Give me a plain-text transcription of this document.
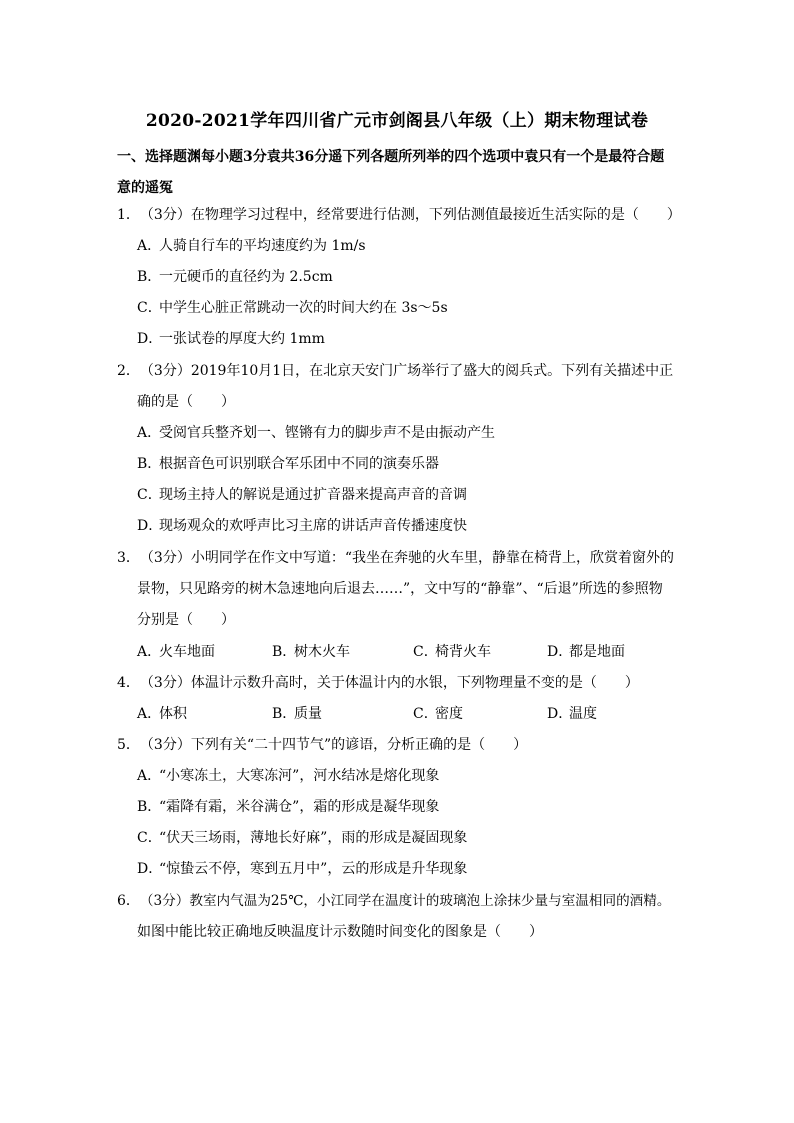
2020-2021学年四川省广元市剑阁县八年级（上）期末物理试卷
一、选择题渊每小题3分袁共36分遥下列各题所列举的四个选项中袁只有一个是最符合题
意的遥冤
1．（3分）在物理学习过程中，经常要进行估测，下列估测值最接近生活实际的是（　　）
A．人骑自行车的平均速度约为 1m/s
B．一元硬币的直径约为 2.5cm
C．中学生心脏正常跳动一次的时间大约在 3s～5s
D．一张试卷的厚度大约 1mm
2．（3分）2019年10月1日，在北京天安门广场举行了盛大的阅兵式。下列有关描述中正
确的是（　　）
A．受阅官兵整齐划一、铿锵有力的脚步声不是由振动产生
B．根据音色可识别联合军乐团中不同的演奏乐器
C．现场主持人的解说是通过扩音器来提高声音的音调
D．现场观众的欢呼声比习主席的讲话声音传播速度快
3．（3分）小明同学在作文中写道：“我坐在奔驰的火车里，静靠在椅背上，欣赏着窗外的
景物，只见路旁的树木急速地向后退去……”，文中写的“静靠”、“后退”所选的参照物
分别是（　　）
A．火车地面	B．树木火车	C．椅背火车	D．都是地面
4．（3分）体温计示数升高时，关于体温计内的水银，下列物理量不变的是（　　）
A．体积	B．质量	C．密度	D．温度
5．（3分）下列有关“二十四节气”的谚语，分析正确的是（　　）
A．“小寒冻土，大寒冻河”，河水结冰是熔化现象
B．“霜降有霜，米谷满仓”，霜的形成是凝华现象
C．“伏天三场雨，薄地长好麻”，雨的形成是凝固现象
D．“惊蛰云不停，寒到五月中”，云的形成是升华现象
6．（3分）教室内气温为25℃，小江同学在温度计的玻璃泡上涂抹少量与室温相同的酒精。
如图中能比较正确地反映温度计示数随时间变化的图象是（　　）
